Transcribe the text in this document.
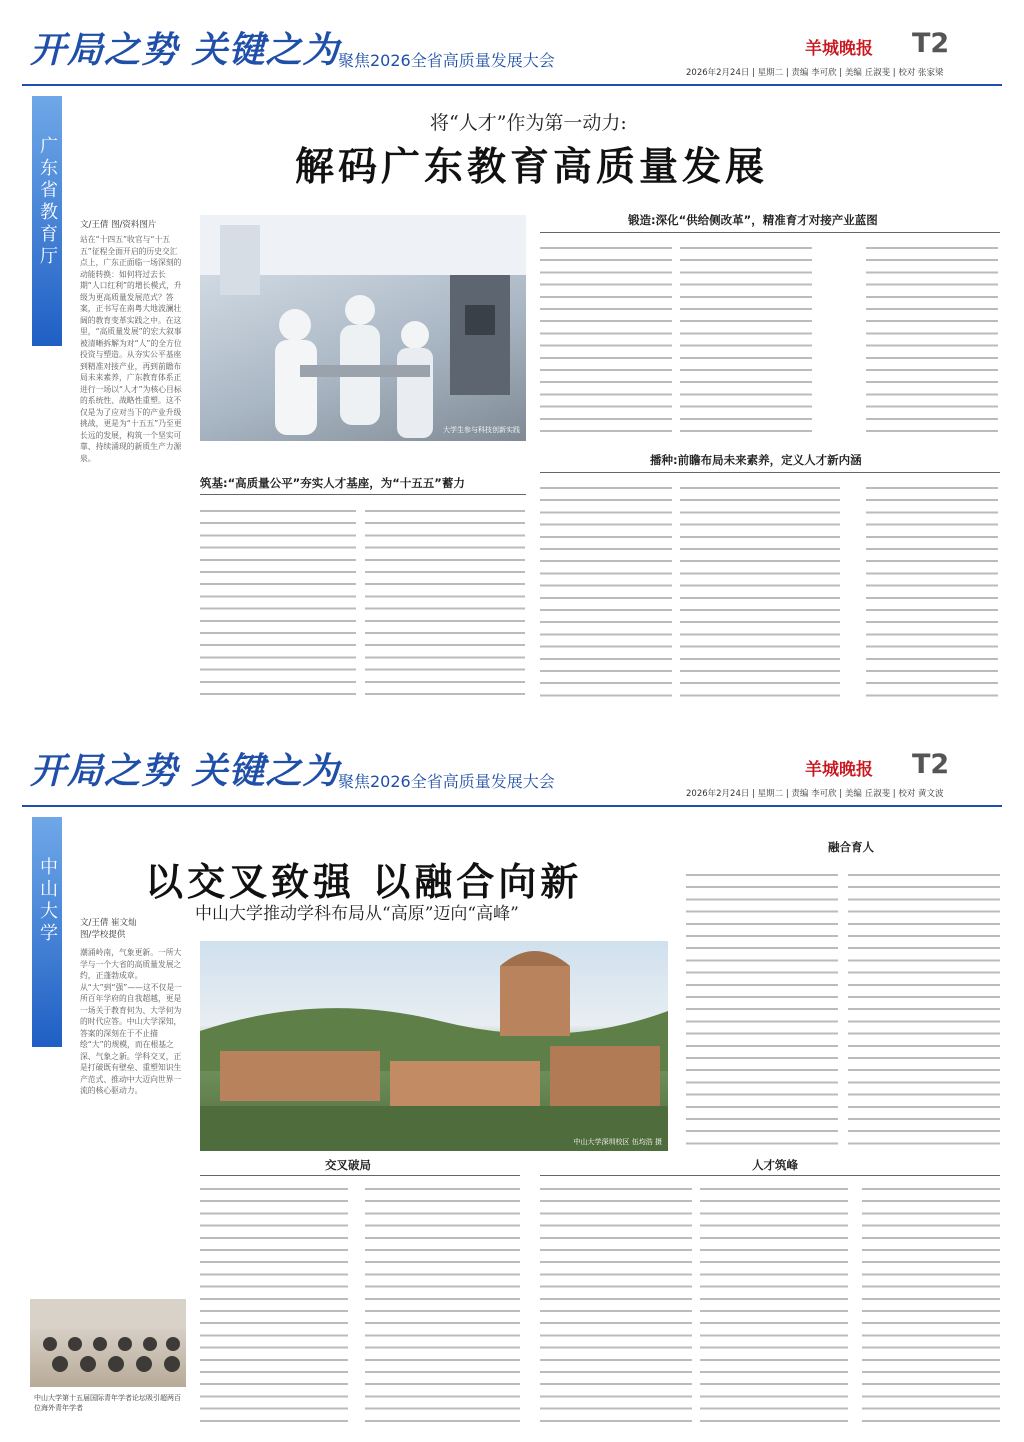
开局之势 关键之为
聚焦2026全省高质量发展大会
羊城晚报 T2
2026年2月24日 | 星期二 | 责编 李可欣 | 美编 丘淑斐 | 校对 张家梁
广东省教育厅
将“人才”作为第一动力:
解码广东教育高质量发展
文/王倩 图/资料图片
站在“十四五”收官与“十五五”征程全面开启的历史交汇点上，广东正面临一场深刻的动能转换：如何将过去长期“人口红利”的增长模式，升级为更高质量发展范式？答案，正书写在南粤大地波澜壮阔的教育变革实践之中。在这里，“高质量发展”的宏大叙事被清晰拆解为对“人”的全方位投资与塑造。从夯实公平基座到精准对接产业，再到前瞻布局未来素养，广东教育体系正进行一场以“人才”为核心目标的系统性、战略性重塑。这不仅是为了应对当下的产业升级挑战，更是为“十五五”乃至更长远的发展，构筑一个坚实可靠、持续涌现的新质生产力源泉。
大学生参与科技创新实践
锻造:深化“供给侧改革”，精准育才对接产业蓝图
播种:前瞻布局未来素养，定义人才新内涵
筑基:“高质量公平”夯实人才基座，为“十五五”蓄力
开局之势 关键之为
聚焦2026全省高质量发展大会
羊城晚报 T2
2026年2月24日 | 星期二 | 责编 李可欣 | 美编 丘淑斐 | 校对 黄文波
中山大学 以交叉致强 以融合向新
中山大学推动学科布局从“高原”迈向“高峰”
文/王倩 崔文灿
图/学校提供
潮涌岭南，气象更新。一所大学与一个大省的高质量发展之约，正蓬勃成章。从“大”到“强”——这不仅是一所百年学府的自我超越，更是一场关于教育何为、大学何为的时代应答。中山大学深知，答案的深刻在于不止描绘“大”的规模，而在根基之深、气象之新。学科交叉，正是打破既有壁垒、重塑知识生产范式、推动中大迈向世界一流的核心驱动力。
中山大学深圳校区 伍均浩 摄
融合育人
交叉破局	人才筑峰
中山大学第十五届国际青年学者论坛吸引超两百位海外青年学者
